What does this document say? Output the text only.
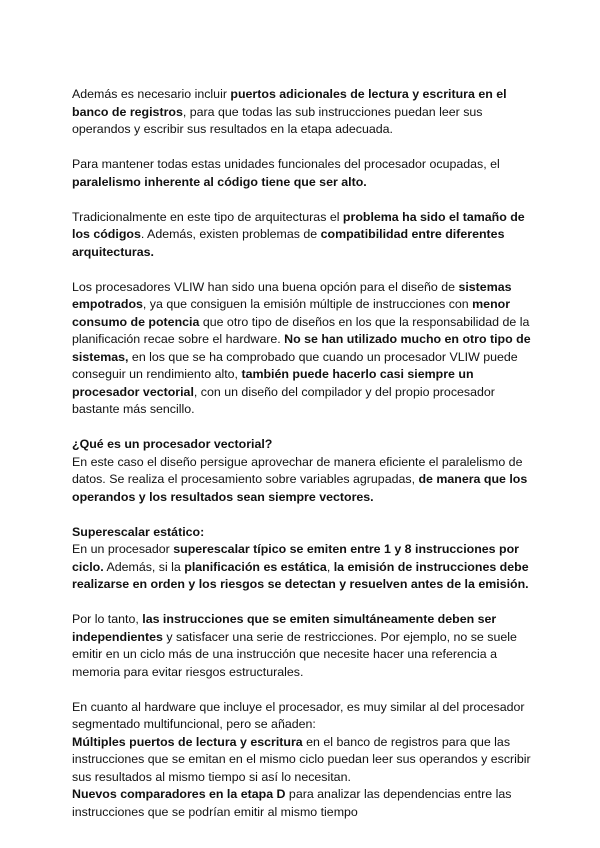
Además es necesario incluir puertos adicionales de lectura y escritura en el banco de registros, para que todas las sub instrucciones puedan leer sus operandos y escribir sus resultados en la etapa adecuada.

Para mantener todas estas unidades funcionales del procesador ocupadas, el paralelismo inherente al código tiene que ser alto.

Tradicionalmente en este tipo de arquitecturas el problema ha sido el tamaño de los códigos. Además, existen problemas de compatibilidad entre diferentes arquitecturas.

Los procesadores VLIW han sido una buena opción para el diseño de sistemas empotrados, ya que consiguen la emisión múltiple de instrucciones con menor consumo de potencia que otro tipo de diseños en los que la responsabilidad de la planificación recae sobre el hardware. No se han utilizado mucho en otro tipo de sistemas, en los que se ha comprobado que cuando un procesador VLIW puede conseguir un rendimiento alto, también puede hacerlo casi siempre un procesador vectorial, con un diseño del compilador y del propio procesador bastante más sencillo.

¿Qué es un procesador vectorial?

En este caso el diseño persigue aprovechar de manera eficiente el paralelismo de datos. Se realiza el procesamiento sobre variables agrupadas, de manera que los operandos y los resultados sean siempre vectores.

Superescalar estático:

En un procesador superescalar típico se emiten entre 1 y 8 instrucciones por ciclo. Además, si la planificación es estática, la emisión de instrucciones debe realizarse en orden y los riesgos se detectan y resuelven antes de la emisión.

Por lo tanto, las instrucciones que se emiten simultáneamente deben ser independientes y satisfacer una serie de restricciones. Por ejemplo, no se suele emitir en un ciclo más de una instrucción que necesite hacer una referencia a memoria para evitar riesgos estructurales.

En cuanto al hardware que incluye el procesador, es muy similar al del procesador segmentado multifuncional, pero se añaden:

Múltiples puertos de lectura y escritura en el banco de registros para que las instrucciones que se emitan en el mismo ciclo puedan leer sus operandos y escribir sus resultados al mismo tiempo si así lo necesitan.

Nuevos comparadores en la etapa D para analizar las dependencias entre las instrucciones que se podrían emitir al mismo tiempo
